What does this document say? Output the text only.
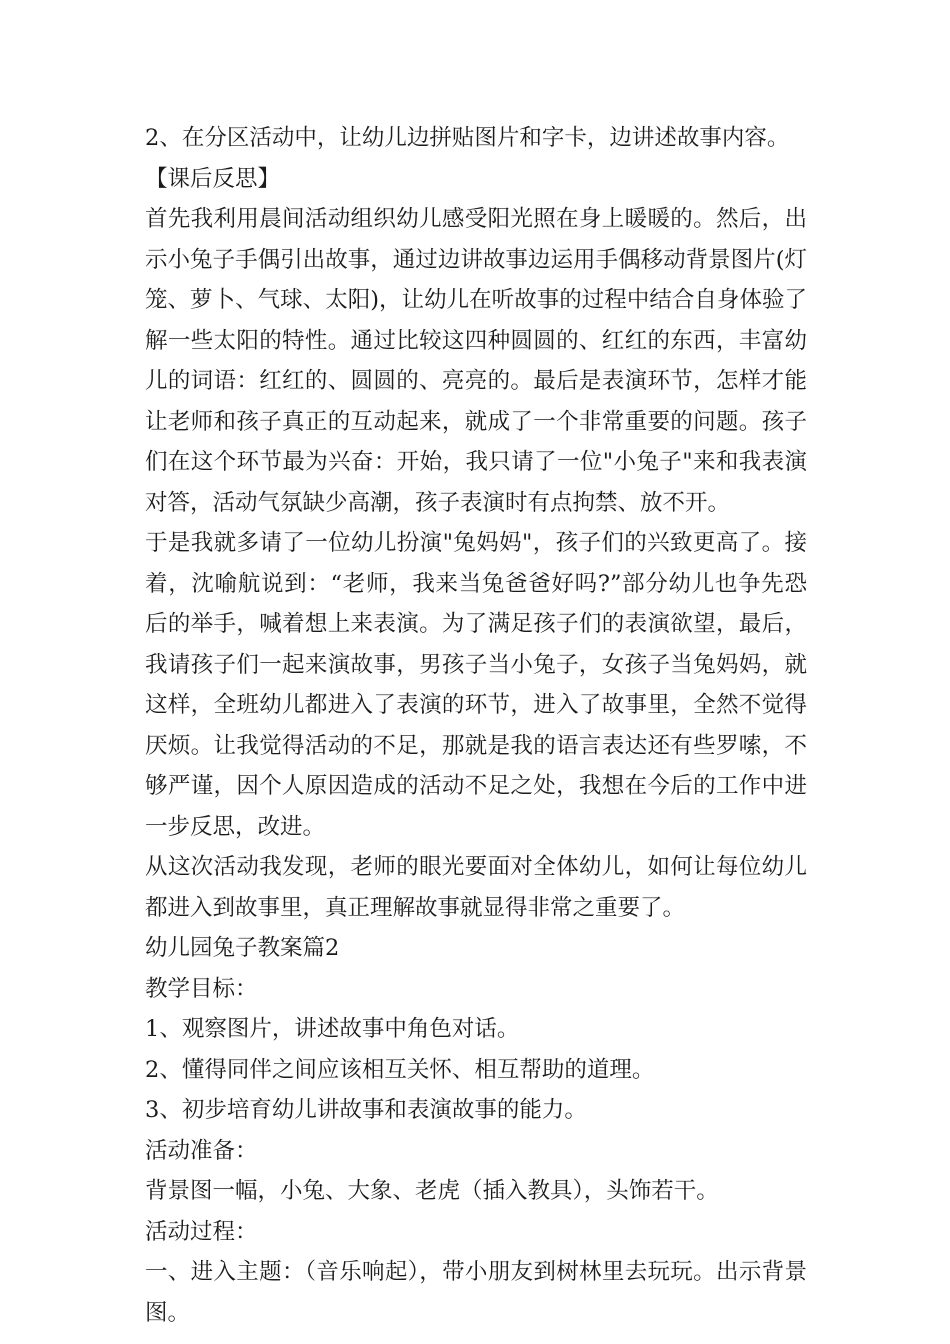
2、在分区活动中，让幼儿边拼贴图片和字卡，边讲述故事内容。

【课后反思】

首先我利用晨间活动组织幼儿感受阳光照在身上暖暖的。然后，出示小兔子手偶引出故事，通过边讲故事边运用手偶移动背景图片(灯笼、萝卜、气球、太阳)，让幼儿在听故事的过程中结合自身体验了解一些太阳的特性。通过比较这四种圆圆的、红红的东西，丰富幼儿的词语：红红的、圆圆的、亮亮的。最后是表演环节，怎样才能让老师和孩子真正的互动起来，就成了一个非常重要的问题。孩子们在这个环节最为兴奋：开始，我只请了一位"小兔子"来和我表演对答，活动气氛缺少高潮，孩子表演时有点拘禁、放不开。

于是我就多请了一位幼儿扮演"兔妈妈"，孩子们的兴致更高了。接着，沈喻航说到：“老师，我来当兔爸爸好吗?”部分幼儿也争先恐后的举手，喊着想上来表演。为了满足孩子们的表演欲望，最后，我请孩子们一起来演故事，男孩子当小兔子，女孩子当兔妈妈，就这样，全班幼儿都进入了表演的环节，进入了故事里，全然不觉得厌烦。让我觉得活动的不足，那就是我的语言表达还有些罗嗦，不够严谨，因个人原因造成的活动不足之处，我想在今后的工作中进一步反思，改进。

从这次活动我发现，老师的眼光要面对全体幼儿，如何让每位幼儿都进入到故事里，真正理解故事就显得非常之重要了。

幼儿园兔子教案篇2

教学目标：

1、观察图片，讲述故事中角色对话。

2、懂得同伴之间应该相互关怀、相互帮助的道理。

3、初步培育幼儿讲故事和表演故事的能力。

活动准备：

背景图一幅，小兔、大象、老虎（插入教具），头饰若干。

活动过程：

一、进入主题：（音乐响起），带小朋友到树林里去玩玩。出示背景图。
